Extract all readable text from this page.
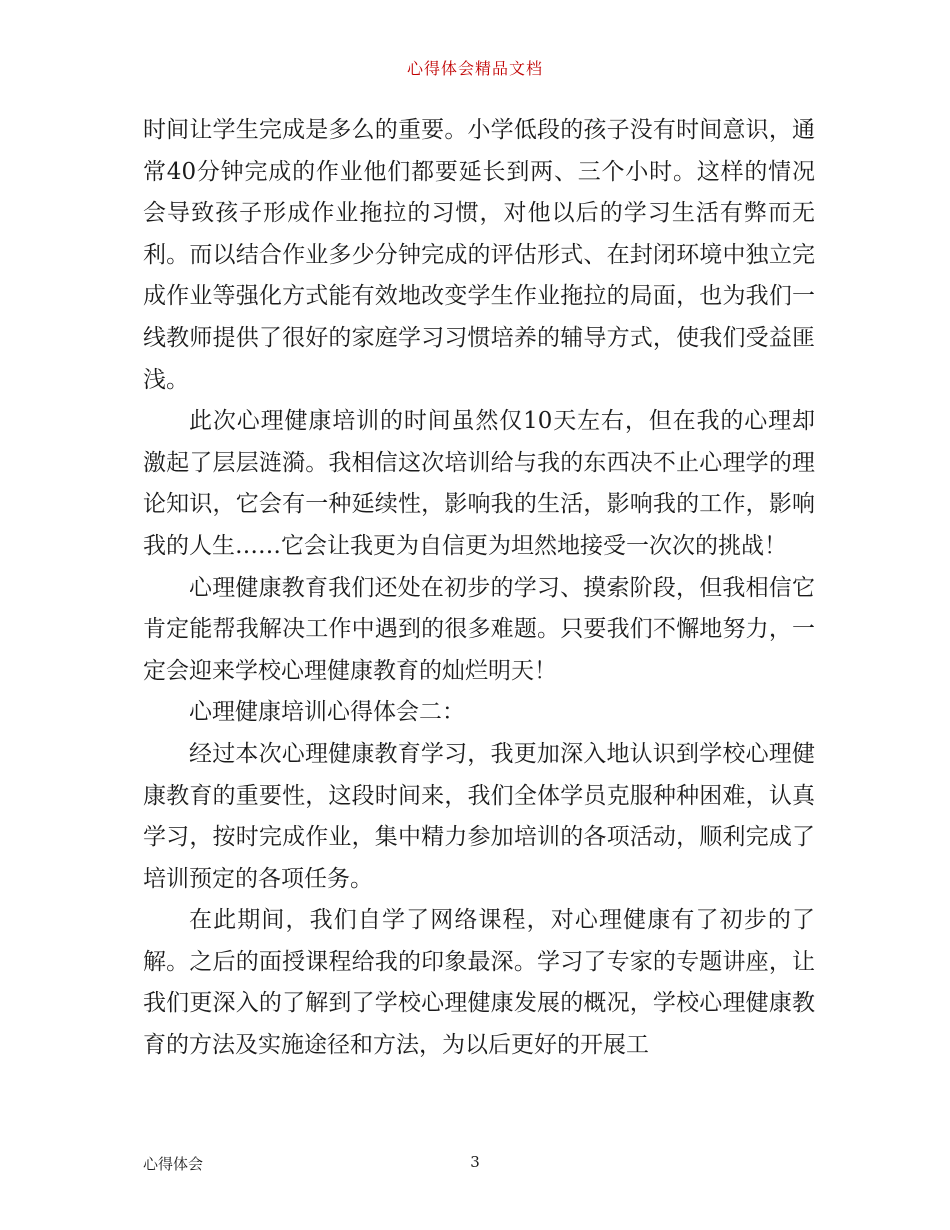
心得体会精品文档

时间让学生完成是多么的重要。小学低段的孩子没有时间意识，通常40分钟完成的作业他们都要延长到两、三个小时。这样的情况会导致孩子形成作业拖拉的习惯，对他以后的学习生活有弊而无利。而以结合作业多少分钟完成的评估形式、在封闭环境中独立完成作业等强化方式能有效地改变学生作业拖拉的局面，也为我们一线教师提供了很好的家庭学习习惯培养的辅导方式，使我们受益匪浅。

此次心理健康培训的时间虽然仅10天左右，但在我的心理却激起了层层涟漪。我相信这次培训给与我的东西决不止心理学的理论知识，它会有一种延续性，影响我的生活，影响我的工作，影响我的人生……它会让我更为自信更为坦然地接受一次次的挑战！

心理健康教育我们还处在初步的学习、摸索阶段，但我相信它肯定能帮我解决工作中遇到的很多难题。只要我们不懈地努力，一定会迎来学校心理健康教育的灿烂明天！

心理健康培训心得体会二：

经过本次心理健康教育学习，我更加深入地认识到学校心理健康教育的重要性，这段时间来，我们全体学员克服种种困难，认真学习，按时完成作业，集中精力参加培训的各项活动，顺利完成了培训预定的各项任务。

在此期间，我们自学了网络课程，对心理健康有了初步的了解。之后的面授课程给我的印象最深。学习了专家的专题讲座，让我们更深入的了解到了学校心理健康发展的概况，学校心理健康教育的方法及实施途径和方法，为以后更好的开展工

心得体会	3
